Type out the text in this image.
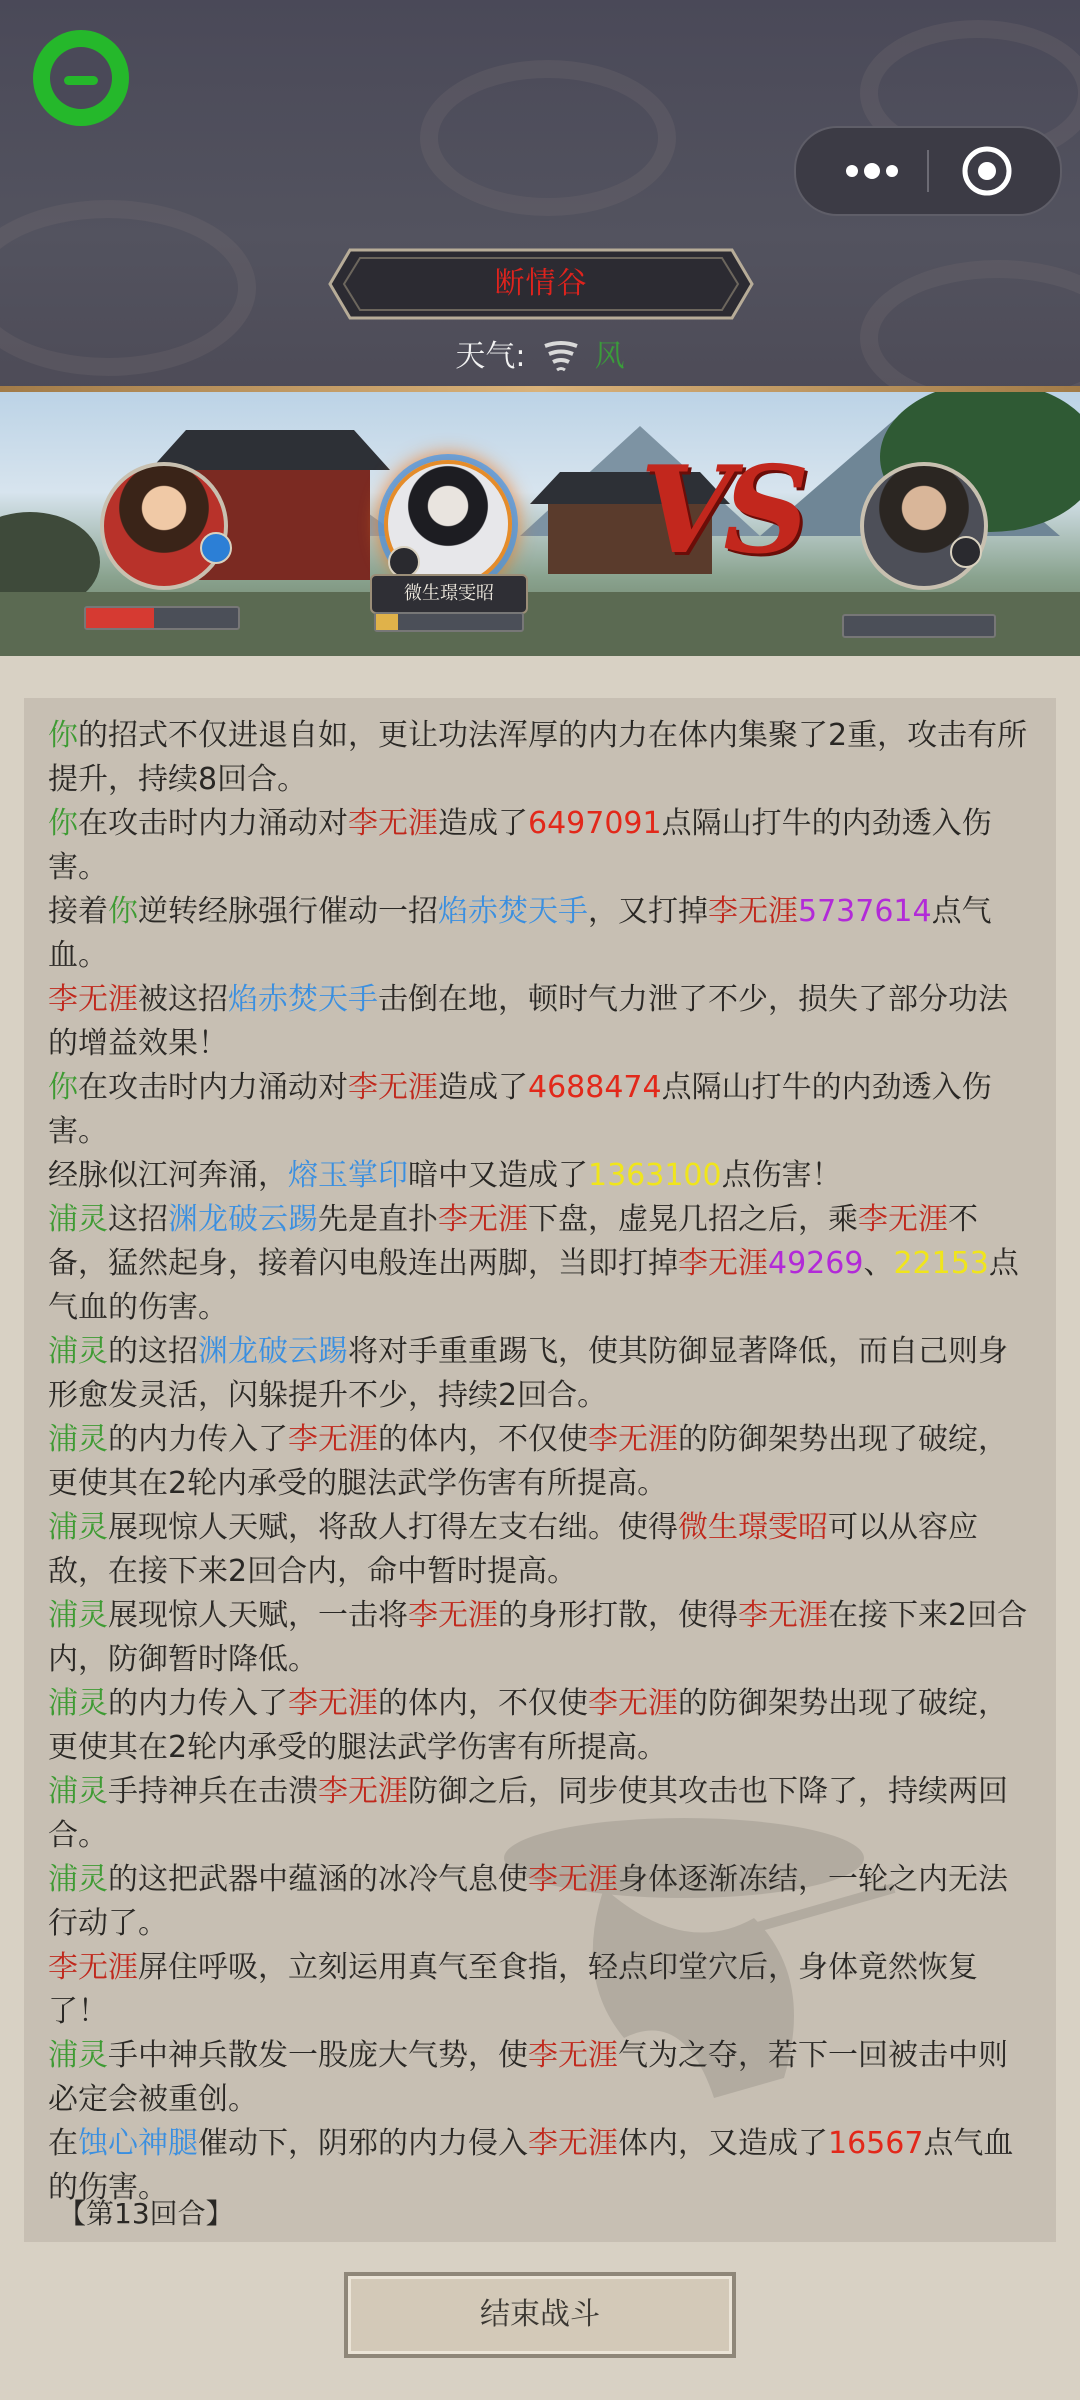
断情谷
天气: 风
微生璟雯昭
VS
你的招式不仅进退自如，更让功法浑厚的内力在体内集聚了2重，攻击有所提升，持续8回合。
你在攻击时内力涌动对李无涯造成了6497091点隔山打牛的内劲透入伤害。
接着你逆转经脉强行催动一招焰赤焚天手，又打掉李无涯5737614点气血。
李无涯被这招焰赤焚天手击倒在地，顿时气力泄了不少，损失了部分功法的增益效果！
你在攻击时内力涌动对李无涯造成了4688474点隔山打牛的内劲透入伤害。
经脉似江河奔涌，熔玉掌印暗中又造成了1363100点伤害！
浦灵这招渊龙破云踢先是直扑李无涯下盘，虚晃几招之后，乘李无涯不备，猛然起身，接着闪电般连出两脚，当即打掉李无涯49269、22153点气血的伤害。
浦灵的这招渊龙破云踢将对手重重踢飞，使其防御显著降低，而自己则身形愈发灵活，闪躲提升不少，持续2回合。
浦灵的内力传入了李无涯的体内，不仅使李无涯的防御架势出现了破绽，更使其在2轮内承受的腿法武学伤害有所提高。
浦灵展现惊人天赋，将敌人打得左支右绌。使得微生璟雯昭可以从容应敌，在接下来2回合内，命中暂时提高。
浦灵展现惊人天赋，一击将李无涯的身形打散，使得李无涯在接下来2回合内，防御暂时降低。
浦灵的内力传入了李无涯的体内，不仅使李无涯的防御架势出现了破绽，更使其在2轮内承受的腿法武学伤害有所提高。
浦灵手持神兵在击溃李无涯防御之后，同步使其攻击也下降了，持续两回合。
浦灵的这把武器中蕴涵的冰冷气息使李无涯身体逐渐冻结，一轮之内无法行动了。
李无涯屏住呼吸，立刻运用真气至食指，轻点印堂穴后，身体竟然恢复了！
浦灵手中神兵散发一股庞大气势，使李无涯气为之夺，若下一回被击中则必定会被重创。
在蚀心神腿催动下，阴邪的内力侵入李无涯体内，又造成了16567点气血的伤害。
【第13回合】
结束战斗
